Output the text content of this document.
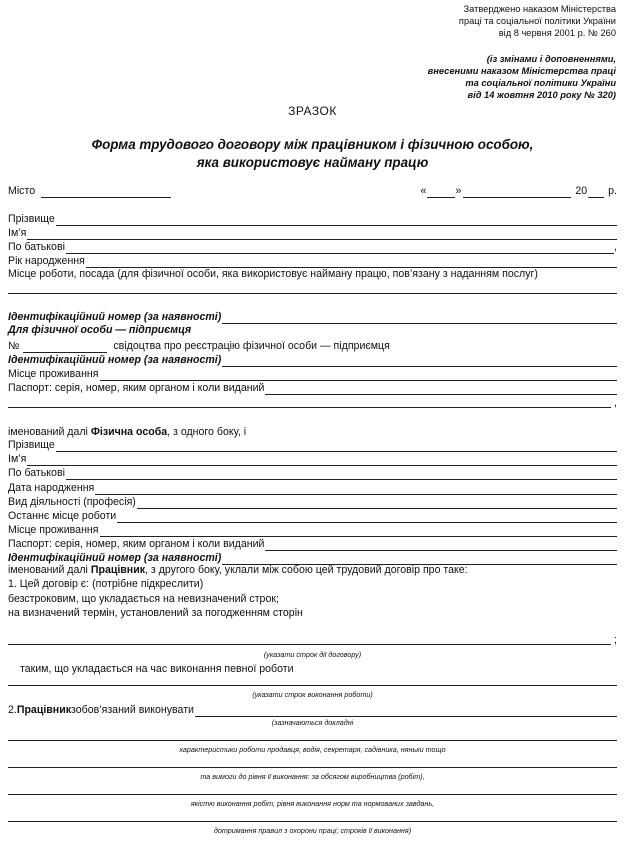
Затверджено наказом Міністерства
праці та соціальної політики України
від 8 червня 2001 р. № 260
(із змінами і доповненнями,
внесеними наказом Міністерства праці
та соціальної політики України
від 14 жовтня 2010 року № 320)
ЗРАЗОК
Форма трудового договору між працівником і фізичною особою,
яка використовує найману працю
Місто	«	»	20 р.
Прізвище
Ім’я
По батькові	,
Рік народження
Місце роботи, посада (для фізичної особи, яка використовує найману працю, пов’язану з наданням послуг)
Ідентифікаційний номер (за наявності)
Для фізичної особи — підприємця
№	свідоцтва про реєстрацію фізичної особи — підприємця
Ідентифікаційний номер (за наявності)
Місце проживання
Паспорт: серія, номер, яким органом і коли виданий
,
іменований далі Фізична особа, з одного боку, і
Прізвище
Ім’я
По батькові
Дата народження
Вид діяльності (професія)
Останнє місце роботи
Місце проживання
Паспорт: серія, номер, яким органом і коли виданий
Ідентифікаційний номер (за наявності)
іменований далі Працівник, з другого боку, уклали між собою цей трудовий договір про таке:
1. Цей договір є: (потрібне підкреслити)
безстроковим, що укладається на невизначений строк;
на визначений термін, установлений за погодженням сторін
;
(указати строк дії договору)
таким, що укладається на час виконання певної роботи
(указати строк виконання роботи)
2. Працівник зобов’язаний виконувати
(зазначаються докладні
характеристики роботи продавця, водія, секретаря, садівника, няньки тощо
та вимоги до рівня її виконання: за обсягом виробництва (робіт),
якістю виконання робіт, рівня виконання норм та нормованих завдань,
дотримання правил з охорони праці; строків її виконання)
